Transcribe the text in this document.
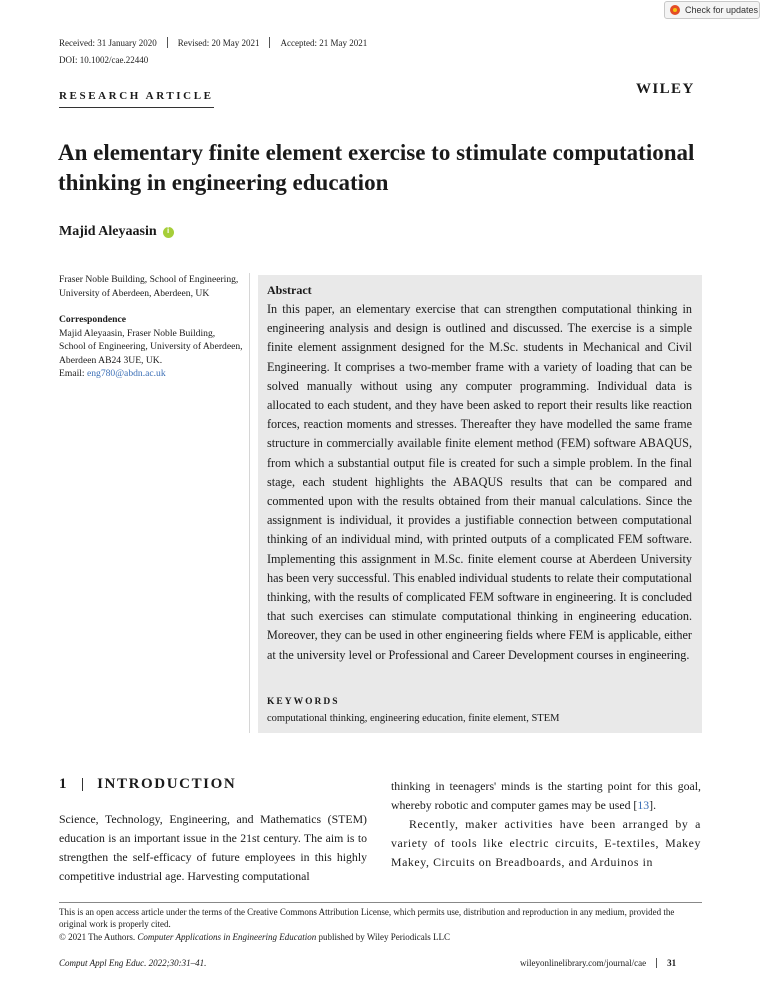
Received: 31 January 2020 Revised: 20 May 2021 Accepted: 21 May 2021
DOI: 10.1002/cae.22440
Check for updates
RESEARCH ARTICLE	WILEY
An elementary finite element exercise to stimulate computational thinking in engineering education
Majid Aleyaasin
i
Fraser Noble Building, School of Engineering, University of Aberdeen, Aberdeen, UK
Correspondence
Majid Aleyaasin, Fraser Noble Building, School of Engineering, University of Aberdeen, Aberdeen AB24 3UE, UK.
Email: eng780@abdn.ac.uk
Abstract
In this paper, an elementary exercise that can strengthen computational thinking in engineering analysis and design is outlined and discussed. The exercise is a simple finite element assignment designed for the M.Sc. students in Mechanical and Civil Engineering. It comprises a two-member frame with a variety of loading that can be solved manually without using any computer programming. Individual data is allocated to each student, and they have been asked to report their results like reaction forces, reaction moments and stresses. Thereafter they have modelled the same frame structure in commercially available finite element method (FEM) software ABAQUS, from which a substantial output file is created for such a simple problem. In the final stage, each student highlights the ABAQUS results that can be compared and commented upon with the results obtained from their manual calculations. Since the assignment is individual, it provides a justifiable connection between computational thinking of an individual mind, with printed outputs of a complicated FEM software. Implementing this assignment in M.Sc. finite element course at Aberdeen University has been very successful. This enabled individual students to relate their computational thinking, with the results of complicated FEM software in engineering. It is concluded that such exercises can stimulate computational thinking in engineering education. Moreover, they can be used in other engineering fields where FEM is applicable, either at the university level or Professional and Career Development courses in engineering.
KEYWORDS
computational thinking, engineering education, finite element, STEM
1 INTRODUCTION
Science, Technology, Engineering, and Mathematics (STEM) education is an important issue in the 21st century. The aim is to strengthen the self-efficacy of future employees in this highly competitive industrial age. Harvesting computational

thinking in teenagers' minds is the starting point for this goal, whereby robotic and computer games may be used [13].

Recently, maker activities have been arranged by a variety of tools like electric circuits, E-textiles, Makey Makey, Circuits on Breadboards, and Arduinos in

This is an open access article under the terms of the Creative Commons Attribution License, which permits use, distribution and reproduction in any medium, provided the original work is properly cited.
© 2021 The Authors. Computer Applications in Engineering Education published by Wiley Periodicals LLC
Comput Appl Eng Educ. 2022;30:31–41.	wileyonlinelibrary.com/journal/cae 31
